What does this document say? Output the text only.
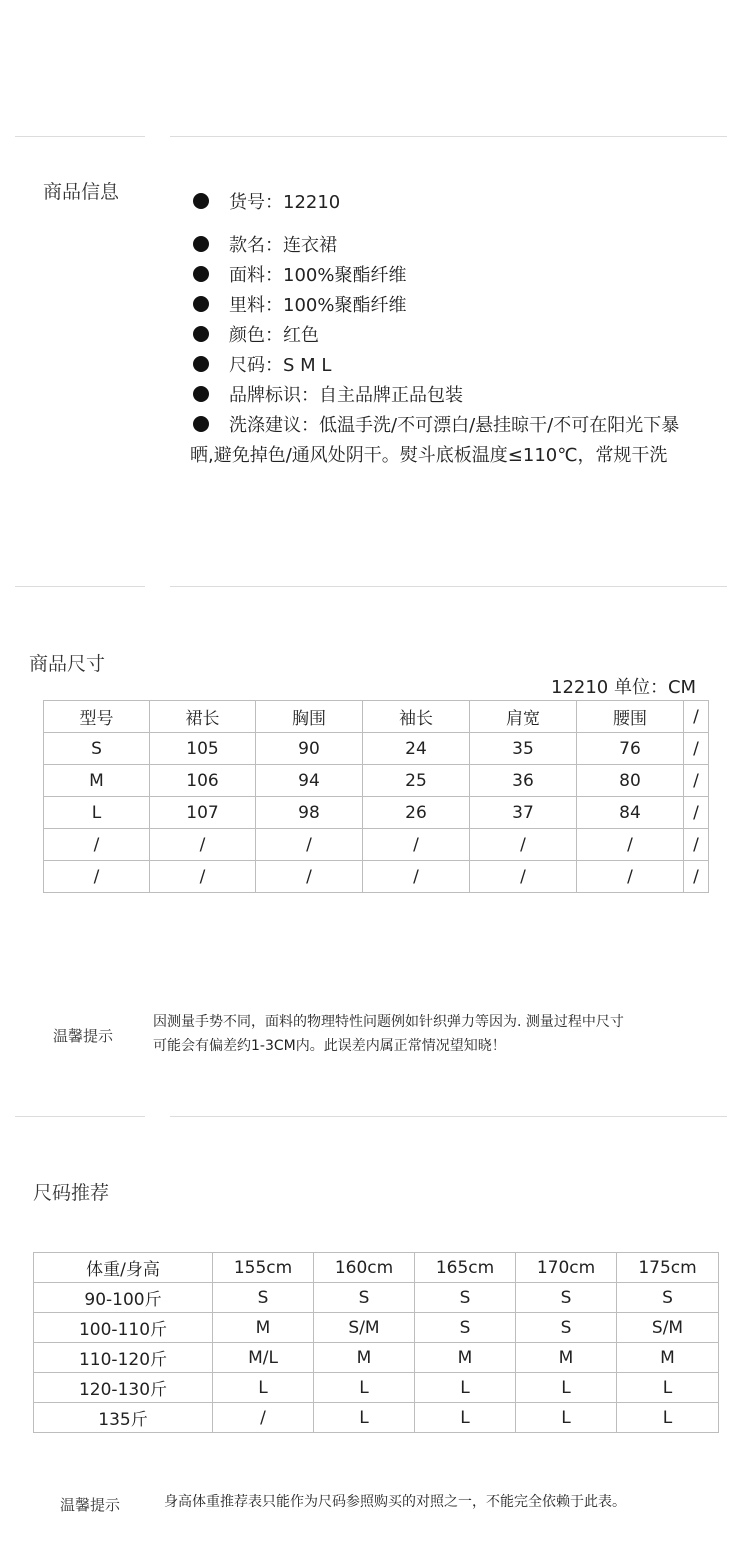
商品信息	货号：12210
款名：连衣裙
面料：100%聚酯纤维
里料：100%聚酯纤维
颜色：红色
尺码：S M L
品牌标识：自主品牌正品包装
洗涤建议：低温手洗/不可漂白/悬挂晾干/不可在阳光下暴
晒,避免掉色/通风处阴干。熨斗底板温度≤110℃，常规干洗
商品尺寸
12210 单位：CM
型号	裙长	胸围	袖长	肩宽	腰围	/
S	105	90	24	35	76	/
M	106	94	25	36	80	/
L	107	98	26	37	84	/
/	/	/	/	/	/	/
/	/	/	/	/	/	/
温馨提示
因测量手势不同，面料的物理特性问题例如针织弹力等因为. 测量过程中尺寸
可能会有偏差约1-3CM内。此误差内属正常情况望知晓！
尺码推荐
体重/身高	155cm	160cm	165cm	170cm	175cm
90-100斤	S	S	S	S	S
100-110斤	M	S/M	S	S	S/M
110-120斤	M/L	M	M	M	M
120-130斤	L	L	L	L	L
135斤	/	L	L	L	L
温馨提示	身高体重推荐表只能作为尺码参照购买的对照之一，不能完全依赖于此表。
